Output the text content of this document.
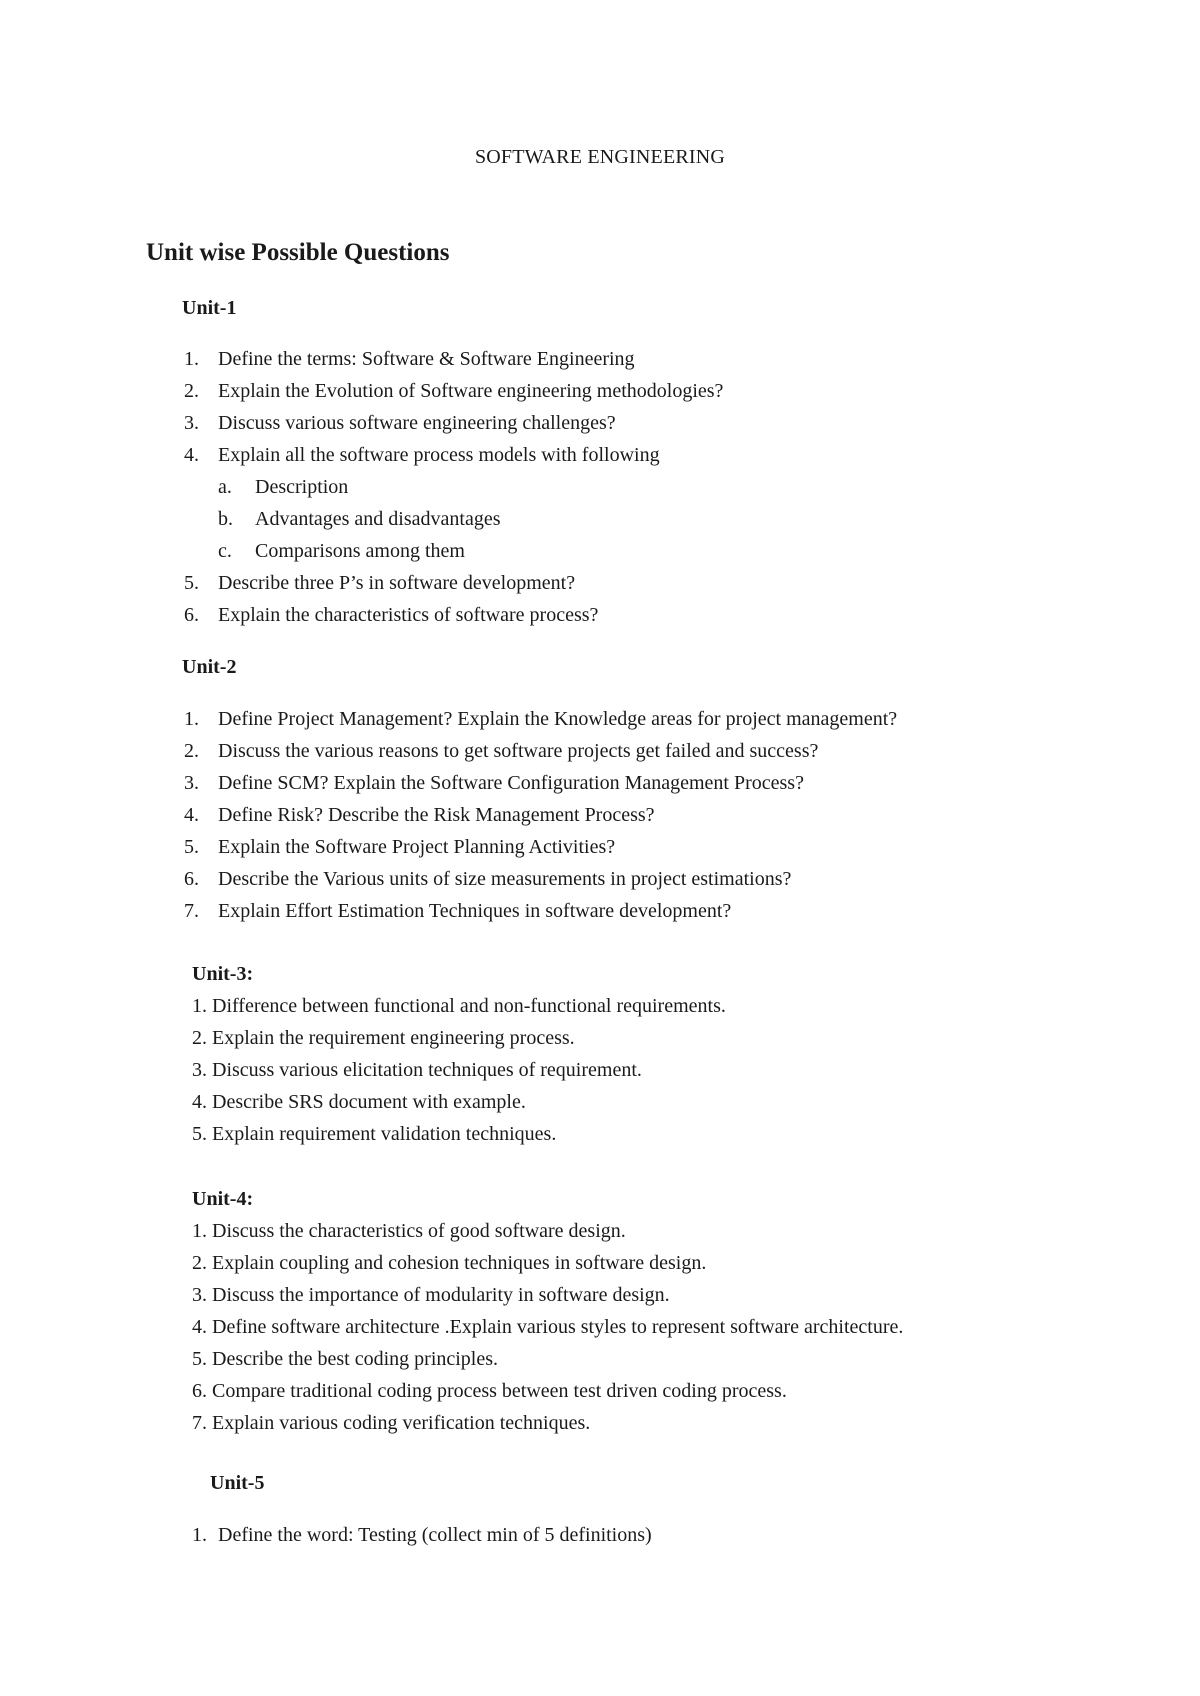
SOFTWARE ENGINEERING
Unit wise Possible Questions
Unit-1
1. Define the terms: Software & Software Engineering
2. Explain the Evolution of Software engineering methodologies?
3. Discuss various software engineering challenges?
4. Explain all the software process models with following
a.	Description
b.	Advantages and disadvantages
c.	Comparisons among them
5. Describe three P’s in software development?
6. Explain the characteristics of software process?
Unit-2
1. Define Project Management? Explain the Knowledge areas for project management?
2. Discuss the various reasons to get software projects get failed and success?
3. Define SCM? Explain the Software Configuration Management Process?
4. Define Risk? Describe the Risk Management Process?
5. Explain the Software Project Planning Activities?
6. Describe the Various units of size measurements in project estimations?
7. Explain Effort Estimation Techniques in software development?
Unit-3:
1. Difference between functional and non-functional requirements.
2. Explain the requirement engineering process.
3. Discuss various elicitation techniques of requirement.
4. Describe SRS document with example.
5. Explain requirement validation techniques.
Unit-4:
1. Discuss the characteristics of good software design.
2. Explain coupling and cohesion techniques in software design.
3. Discuss the importance of modularity in software design.
4. Define software architecture .Explain various styles to represent software architecture.
5. Describe the best coding principles.
6. Compare traditional coding process between test driven coding process.
7. Explain various coding verification techniques.
Unit-5
1. Define the word: Testing (collect min of 5 definitions)
